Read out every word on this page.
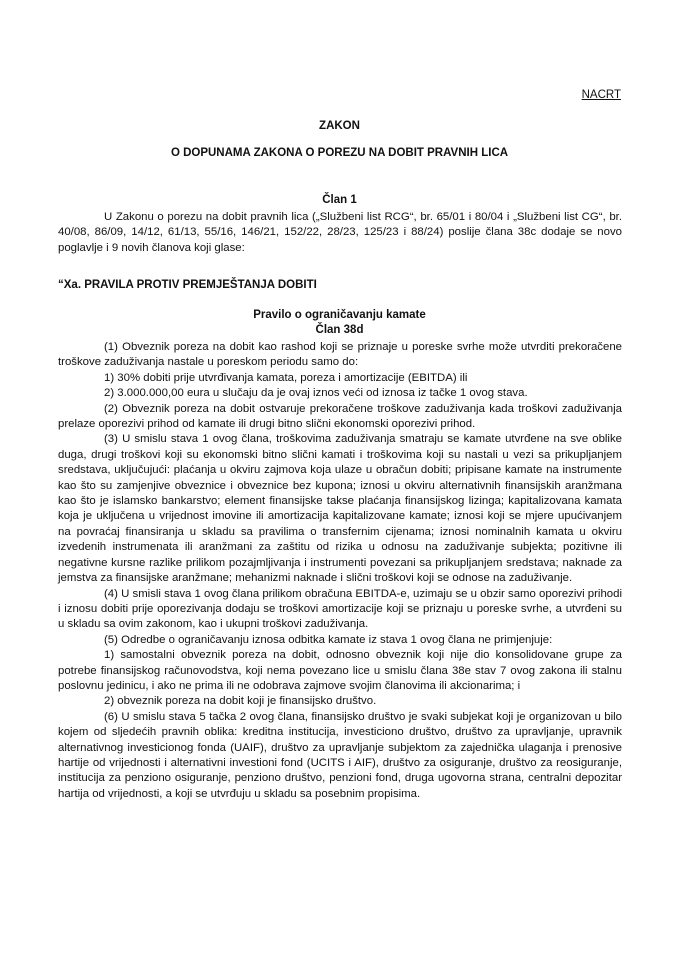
NACRT
ZAKON
O DOPUNAMA ZAKONA O POREZU NA DOBIT PRAVNIH LICA
Član 1

U Zakonu o porezu na dobit pravnih lica („Službeni list RCG“, br. 65/01 i 80/04 i „Službeni list CG“, br. 40/08, 86/09, 14/12, 61/13, 55/16, 146/21, 152/22, 28/23, 125/23 i 88/24) poslije člana 38c dodaje se novo poglavlje i 9 novih članova koji glase:

“Xa. PRAVILA PROTIV PREMJEŠTANJA DOBITI
Pravilo o ograničavanju kamate
Član 38d

(1) Obveznik poreza na dobit kao rashod koji se priznaje u poreske svrhe može utvrditi prekoračene troškove zaduživanja nastale u poreskom periodu samo do:

1) 30% dobiti prije utvrđivanja kamata, poreza i amortizacije (EBITDA) ili

2) 3.000.000,00 eura u slučaju da je ovaj iznos veći od iznosa iz tačke 1 ovog stava.

(2) Obveznik poreza na dobit ostvaruje prekoračene troškove zaduživanja kada troškovi zaduživanja prelaze oporezivi prihod od kamate ili drugi bitno slični ekonomski oporezivi prihod.

(3) U smislu stava 1 ovog člana, troškovima zaduživanja smatraju se kamate utvrđene na sve oblike duga, drugi troškovi koji su ekonomski bitno slični kamati i troškovima koji su nastali u vezi sa prikupljanjem sredstava, uključujući: plaćanja u okviru zajmova koja ulaze u obračun dobiti; pripisane kamate na instrumente kao što su zamjenjive obveznice i obveznice bez kupona; iznosi u okviru alternativnih finansijskih aranžmana kao što je islamsko bankarstvo; element finansijske takse plaćanja finansijskog lizinga; kapitalizovana kamata koja je uključena u vrijednost imovine ili amortizacija kapitalizovane kamate; iznosi koji se mjere upućivanjem na povraćaj finansiranja u skladu sa pravilima o transfernim cijenama; iznosi nominalnih kamata u okviru izvedenih instrumenata ili aranžmani za zaštitu od rizika u odnosu na zaduživanje subjekta; pozitivne ili negativne kursne razlike prilikom pozajmljivanja i instrumenti povezani sa prikupljanjem sredstava; naknade za jemstva za finansijske aranžmane; mehanizmi naknade i slični troškovi koji se odnose na zaduživanje.

(4) U smisli stava 1 ovog člana prilikom obračuna EBITDA-e, uzimaju se u obzir samo oporezivi prihodi i iznosu dobiti prije oporezivanja dodaju se troškovi amortizacije koji se priznaju u poreske svrhe, a utvrđeni su u skladu sa ovim zakonom, kao i ukupni troškovi zaduživanja.

(5) Odredbe o ograničavanju iznosa odbitka kamate iz stava 1 ovog člana ne primjenjuje:

1) samostalni obveznik poreza na dobit, odnosno obveznik koji nije dio konsolidovane grupe za potrebe finansijskog računovodstva, koji nema povezano lice u smislu člana 38e stav 7 ovog zakona ili stalnu poslovnu jedinicu, i ako ne prima ili ne odobrava zajmove svojim članovima ili akcionarima; i

2) obveznik poreza na dobit koji je finansijsko društvo.

(6) U smislu stava 5 tačka 2 ovog člana, finansijsko društvo je svaki subjekat koji je organizovan u bilo kojem od sljedećih pravnih oblika: kreditna institucija, investiciono društvo, društvo za upravljanje, upravnik alternativnog investicionog fonda (UAIF), društvo za upravljanje subjektom za zajednička ulaganja i prenosive hartije od vrijednosti i alternativni investioni fond (UCITS i AIF), društvo za osiguranje, društvo za reosiguranje, institucija za penziono osiguranje, penziono društvo, penzioni fond, druga ugovorna strana, centralni depozitar hartija od vrijednosti, a koji se utvrđuju u skladu sa posebnim propisima.
